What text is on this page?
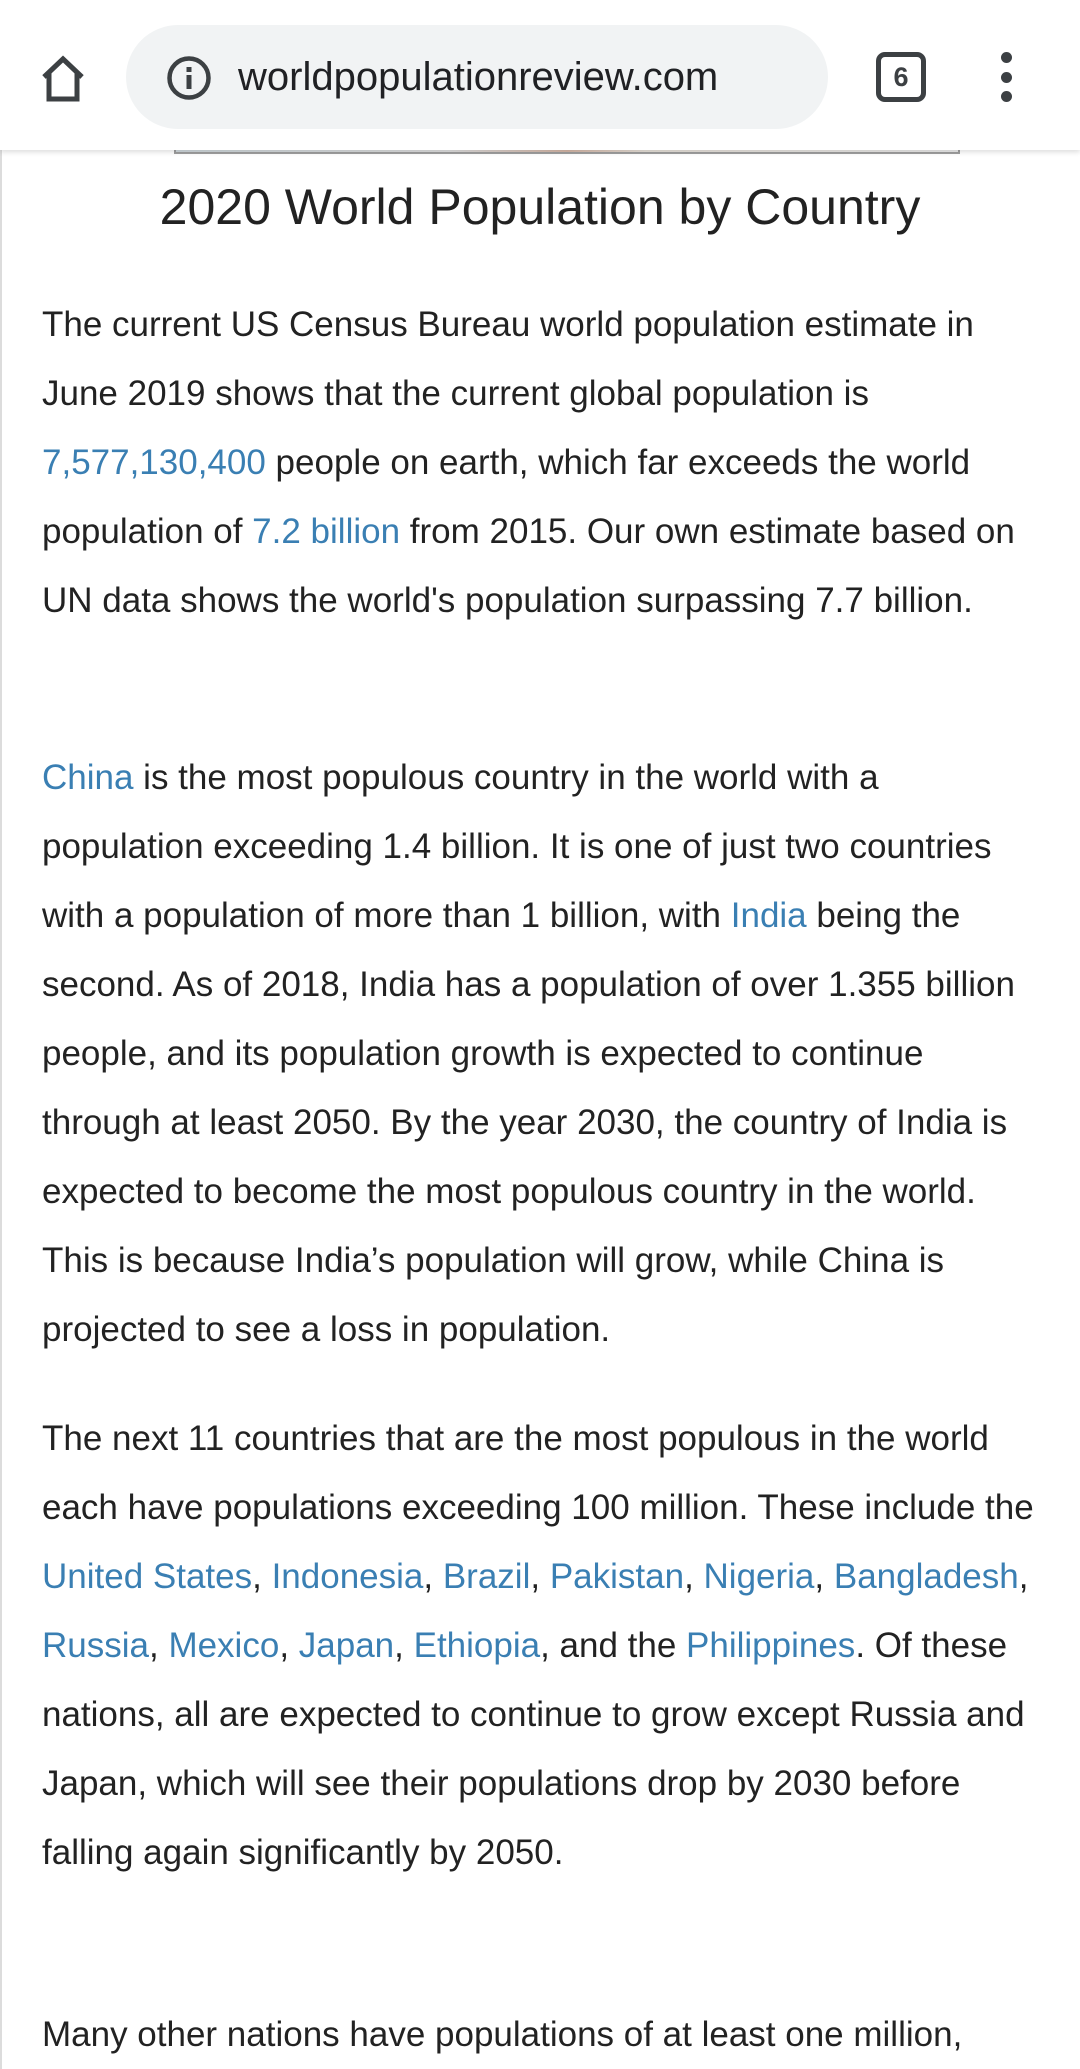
worldpopulationreview.com	6
2020 World Population by Country

The current US Census Bureau world population estimate in June 2019 shows that the current global population is 7,577,130,400 people on earth, which far exceeds the world population of 7.2 billion from 2015. Our own estimate based on UN data shows the world's population surpassing 7.7 billion.

China is the most populous country in the world with a population exceeding 1.4 billion. It is one of just two countries with a population of more than 1 billion, with India being the second. As of 2018, India has a population of over 1.355 billion people, and its population growth is expected to continue through at least 2050. By the year 2030, the country of India is expected to become the most populous country in the world. This is because India’s population will grow, while China is projected to see a loss in population.

The next 11 countries that are the most populous in the world each have populations exceeding 100 million. These include the United States, Indonesia, Brazil, Pakistan, Nigeria, Bangladesh, Russia, Mexico, Japan, Ethiopia, and the Philippines. Of these nations, all are expected to continue to grow except Russia and Japan, which will see their populations drop by 2030 before falling again significantly by 2050.

Many other nations have populations of at least one million,
